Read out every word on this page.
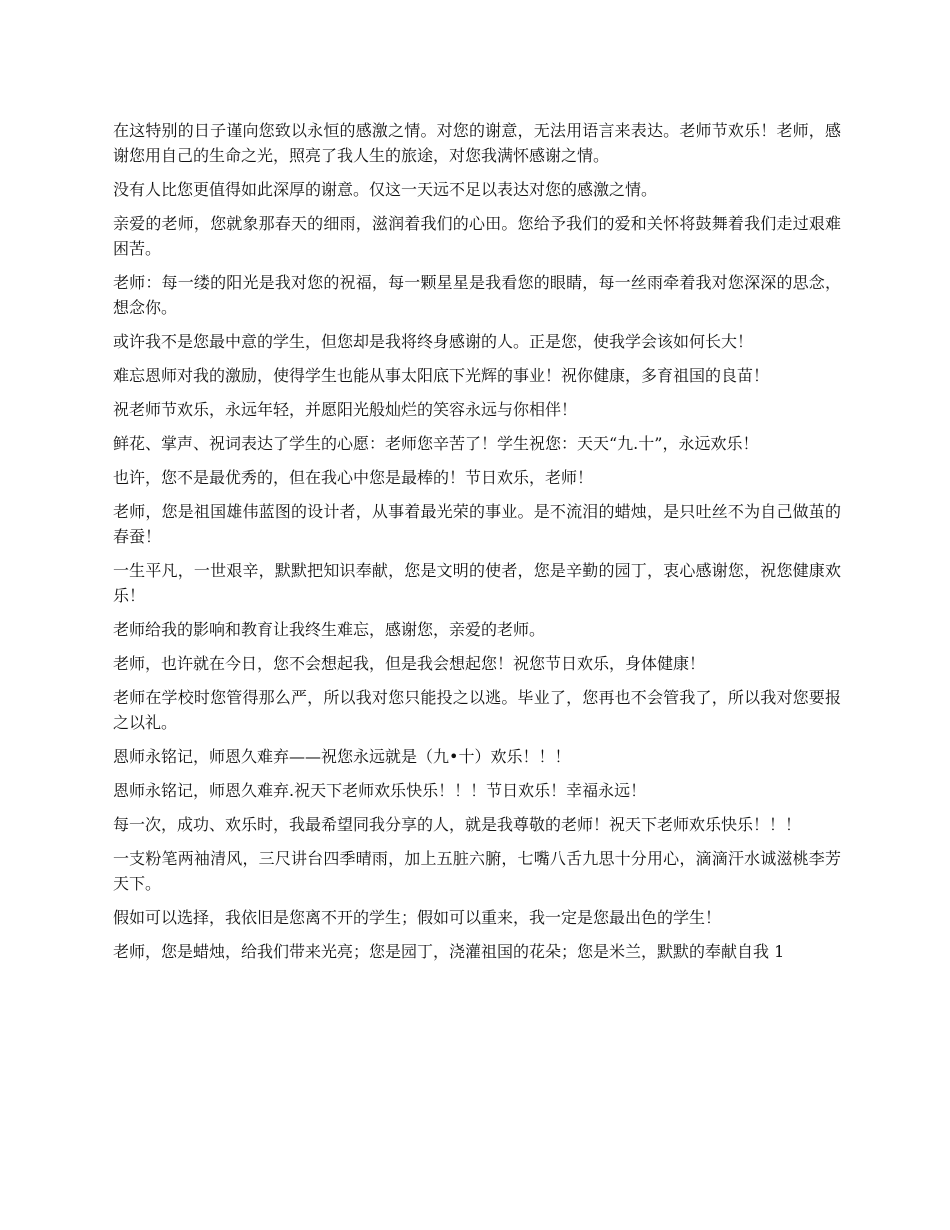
在这特别的日子谨向您致以永恒的感激之情。对您的谢意，无法用语言来表达。老师节欢乐！老师，感谢您用自己的生命之光，照亮了我人生的旅途，对您我满怀感谢之情。

没有人比您更值得如此深厚的谢意。仅这一天远不足以表达对您的感激之情。

亲爱的老师，您就象那春天的细雨，滋润着我们的心田。您给予我们的爱和关怀将鼓舞着我们走过艰难困苦。

老师：每一缕的阳光是我对您的祝福，每一颗星星是我看您的眼睛，每一丝雨牵着我对您深深的思念，想念你。

或许我不是您最中意的学生，但您却是我将终身感谢的人。正是您，使我学会该如何长大！

难忘恩师对我的激励，使得学生也能从事太阳底下光辉的事业！祝你健康，多育祖国的良苗！

祝老师节欢乐，永远年轻，并愿阳光般灿烂的笑容永远与你相伴！

鲜花、掌声、祝词表达了学生的心愿：老师您辛苦了！学生祝您：天天“九.十”，永远欢乐！

也许，您不是最优秀的，但在我心中您是最棒的！节日欢乐，老师！

老师，您是祖国雄伟蓝图的设计者，从事着最光荣的事业。是不流泪的蜡烛，是只吐丝不为自己做茧的春蚕！

一生平凡，一世艰辛，默默把知识奉献，您是文明的使者，您是辛勤的园丁，衷心感谢您，祝您健康欢乐！

老师给我的影响和教育让我终生难忘，感谢您，亲爱的老师。

老师，也许就在今日，您不会想起我，但是我会想起您！祝您节日欢乐，身体健康！

老师在学校时您管得那么严，所以我对您只能投之以逃。毕业了，您再也不会管我了，所以我对您要报之以礼。

恩师永铭记，师恩久难弃——祝您永远就是（九•十）欢乐！！！

恩师永铭记，师恩久难弃.祝天下老师欢乐快乐！！！节日欢乐！幸福永远！

每一次，成功、欢乐时，我最希望同我分享的人，就是我尊敬的老师！祝天下老师欢乐快乐！！！

一支粉笔两袖清风，三尺讲台四季晴雨，加上五脏六腑，七嘴八舌九思十分用心，滴滴汗水诚滋桃李芳天下。

假如可以选择，我依旧是您离不开的学生；假如可以重来，我一定是您最出色的学生！

老师，您是蜡烛，给我们带来光亮；您是园丁，浇灌祖国的花朵；您是米兰，默默的奉献自我 1
